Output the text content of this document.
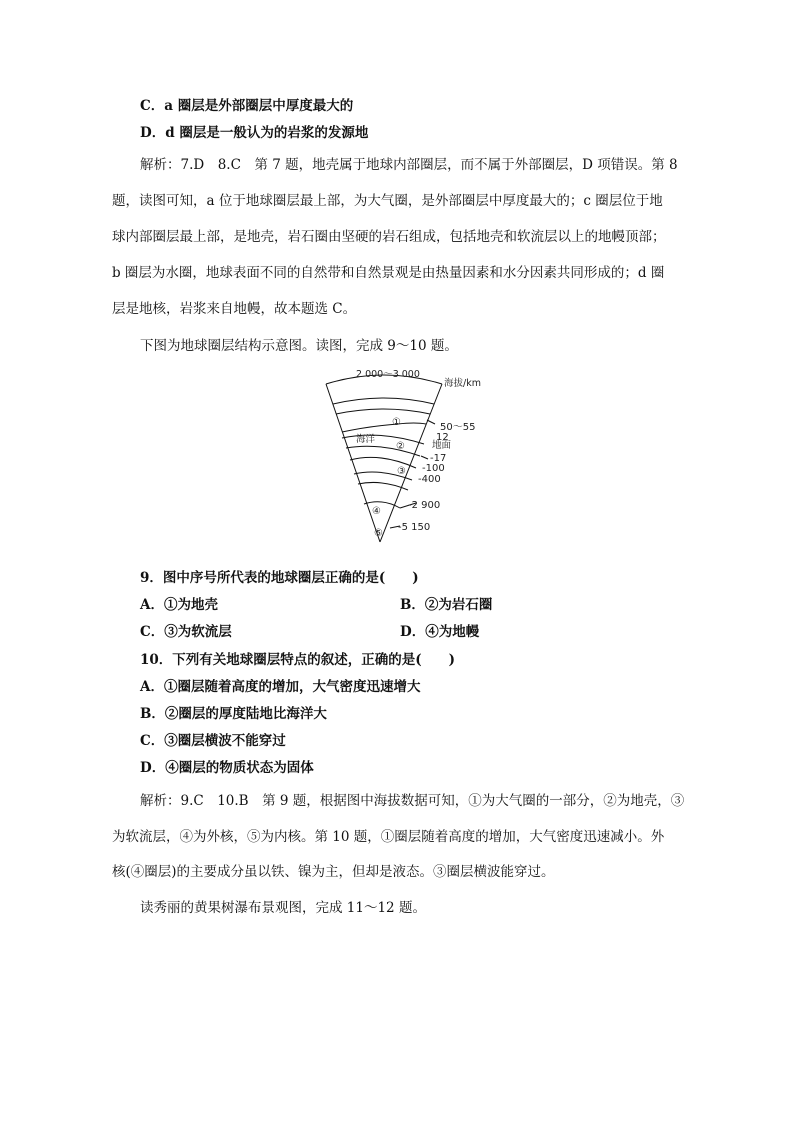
C．a 圈层是外部圈层中厚度最大的
D．d 圈层是一般认为的岩浆的发源地
解析：7.D　8.C　第 7 题，地壳属于地球内部圈层，而不属于外部圈层，D 项错误。第 8
题，读图可知，a 位于地球圈层最上部，为大气圈，是外部圈层中厚度最大的；c 圈层位于地
球内部圈层最上部，是地壳，岩石圈由坚硬的岩石组成，包括地壳和软流层以上的地幔顶部；
b 圈层为水圈，地球表面不同的自然带和自然景观是由热量因素和水分因素共同形成的；d 圈
层是地核，岩浆来自地幔，故本题选 C。
下图为地球圈层结构示意图。读图，完成 9～10 题。
2 000～3 000
海拔/km
海洋
地面
①
②
③
④
⑤
50～55
12
-17
-100
-400
-2 900
-5 150
9．图中序号所代表的地球圈层正确的是(　　)
A．①为地壳	B．②为岩石圈
C．③为软流层	D．④为地幔
10．下列有关地球圈层特点的叙述，正确的是(　　)
A．①圈层随着高度的增加，大气密度迅速增大
B．②圈层的厚度陆地比海洋大
C．③圈层横波不能穿过
D．④圈层的物质状态为固体
解析：9.C　10.B　第 9 题，根据图中海拔数据可知，①为大气圈的一部分，②为地壳，③
为软流层，④为外核，⑤为内核。第 10 题，①圈层随着高度的增加，大气密度迅速减小。外
核(④圈层)的主要成分虽以铁、镍为主，但却是液态。③圈层横波能穿过。
读秀丽的黄果树瀑布景观图，完成 11～12 题。
